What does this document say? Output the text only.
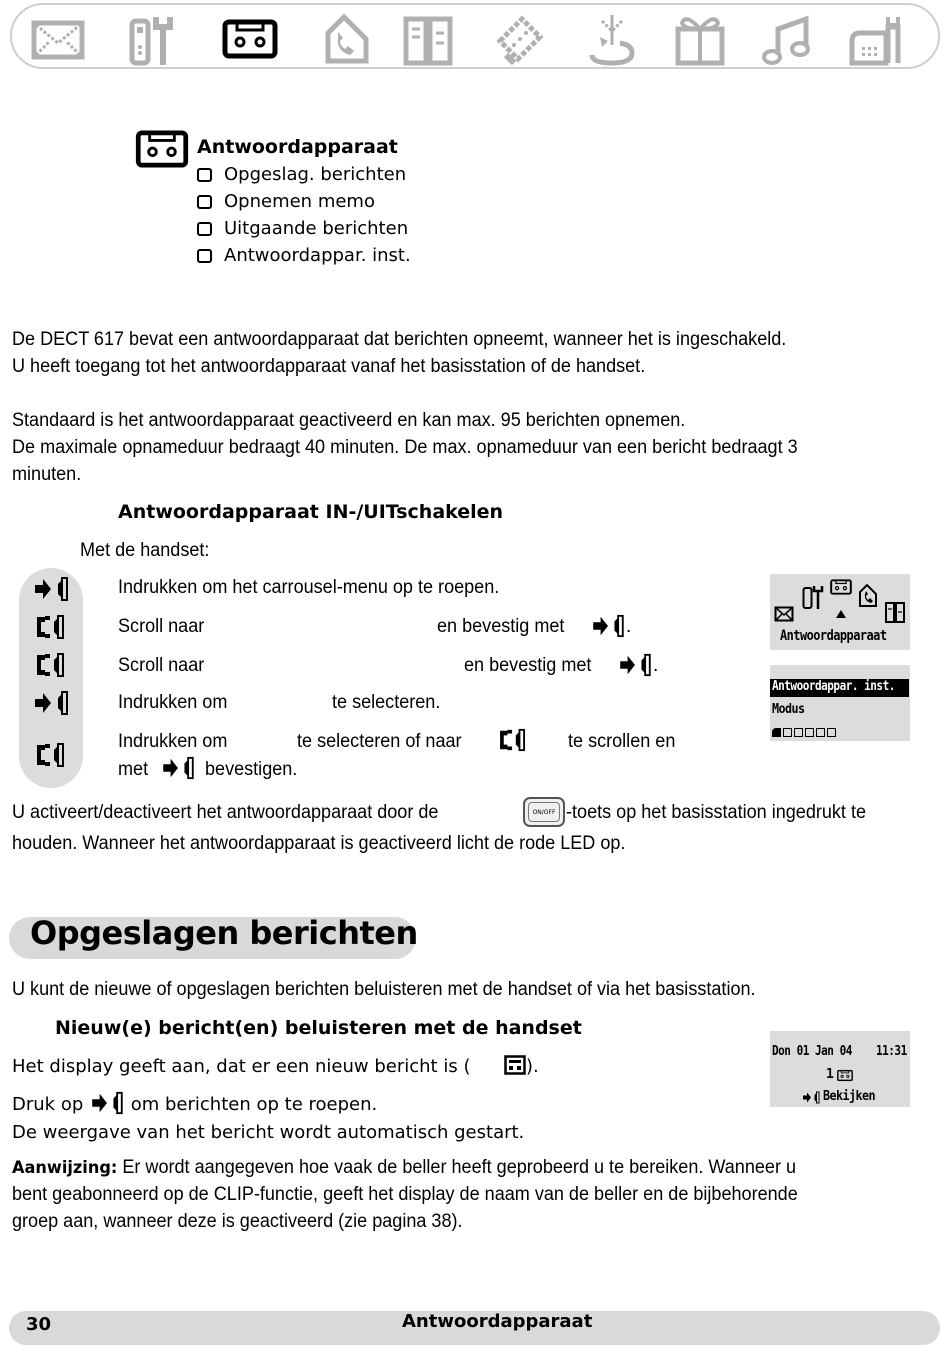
Antwoordapparaat
Opgeslag. berichten
Opnemen memo
Uitgaande berichten
Antwoordappar. inst.
De DECT 617 bevat een antwoordapparaat dat berichten opneemt, wanneer het is ingeschakeld.
U heeft toegang tot het antwoordapparaat vanaf het basisstation of de handset.
Standaard is het antwoordapparaat geactiveerd en kan max. 95 berichten opnemen.
De maximale opnameduur bedraagt 40 minuten. De max. opnameduur van een bericht bedraagt 3
minuten.
Antwoordapparaat IN-/UITschakelen
Met de handset:
Indrukken om het carrousel-menu op te roepen.
Scroll naar	en bevestig met	.
Scroll naar	en bevestig met	.
Indrukken om	te selecteren.
Indrukken om	te selecteren of naar	te scrollen en
met	bevestigen.
Antwoordapparaat
Antwoordappar. inst.
Modus
U activeert/deactiveert het antwoordapparaat door de	ON/OFF -toets op het basisstation ingedrukt te
houden. Wanneer het antwoordapparaat is geactiveerd licht de rode LED op.
Opgeslagen berichten
U kunt de nieuwe of opgeslagen berichten beluisteren met de handset of via het basisstation.
Nieuw(e) bericht(en) beluisteren met de handset
Het display geeft aan, dat er een nieuw bericht is (	).
Druk op	om berichten op te roepen.
De weergave van het bericht wordt automatisch gestart.
Don 01 Jan 04 11:31
1
Bekijken
Aanwijzing: Er wordt aangegeven hoe vaak de beller heeft geprobeerd u te bereiken. Wanneer u
bent geabonneerd op de CLIP-functie, geeft het display de naam van de beller en de bijbehorende
groep aan, wanneer deze is geactiveerd (zie pagina 38).
30	Antwoordapparaat
